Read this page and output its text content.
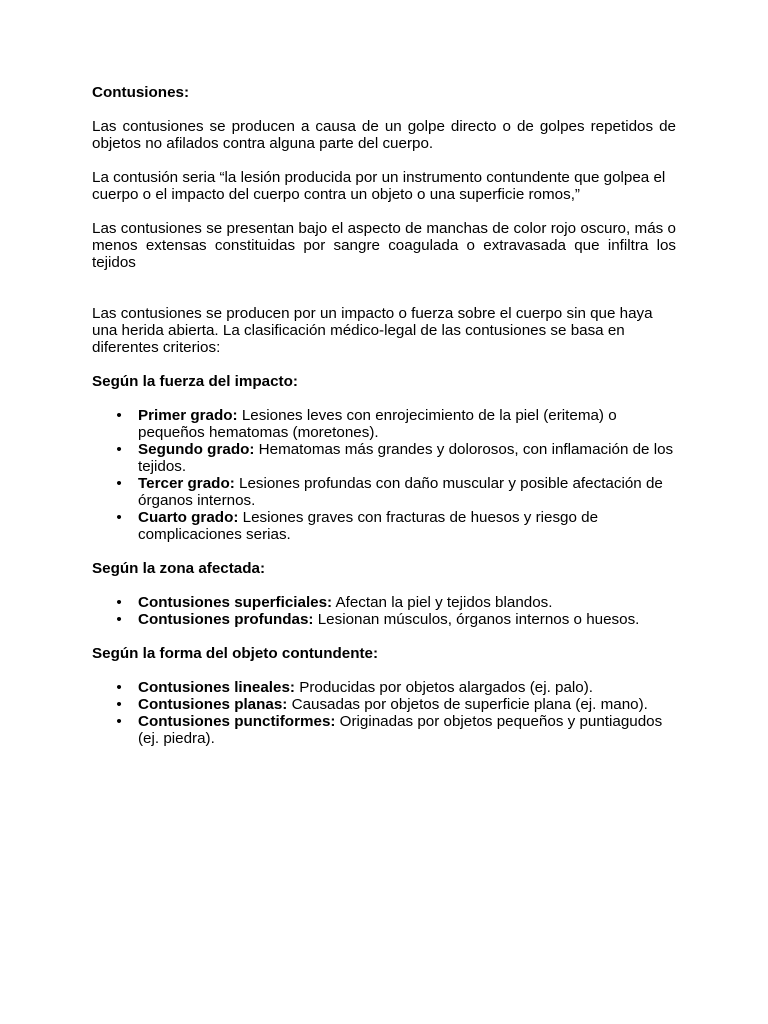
Contusiones:

Las contusiones se producen a causa de un golpe directo o de golpes repetidos de objetos no afilados contra alguna parte del cuerpo.

La contusión seria “la lesión producida por un instrumento contundente que golpea el cuerpo o el impacto del cuerpo contra un objeto o una superficie romos,”

Las contusiones se presentan bajo el aspecto de manchas de color rojo oscuro, más o menos extensas constituidas por sangre coagulada o extravasada que infiltra los tejidos

Las contusiones se producen por un impacto o fuerza sobre el cuerpo sin que haya una herida abierta. La clasificación médico-legal de las contusiones se basa en diferentes criterios:

Según la fuerza del impacto:

• Primer grado: Lesiones leves con enrojecimiento de la piel (eritema) o pequeños hematomas (moretones).
• Segundo grado: Hematomas más grandes y dolorosos, con inflamación de los tejidos.
• Tercer grado: Lesiones profundas con daño muscular y posible afectación de órganos internos.
• Cuarto grado: Lesiones graves con fracturas de huesos y riesgo de complicaciones serias.

Según la zona afectada:

• Contusiones superficiales: Afectan la piel y tejidos blandos.
• Contusiones profundas: Lesionan músculos, órganos internos o huesos.

Según la forma del objeto contundente:

• Contusiones lineales: Producidas por objetos alargados (ej. palo).
• Contusiones planas: Causadas por objetos de superficie plana (ej. mano).
• Contusiones punctiformes: Originadas por objetos pequeños y puntiagudos (ej. piedra).
